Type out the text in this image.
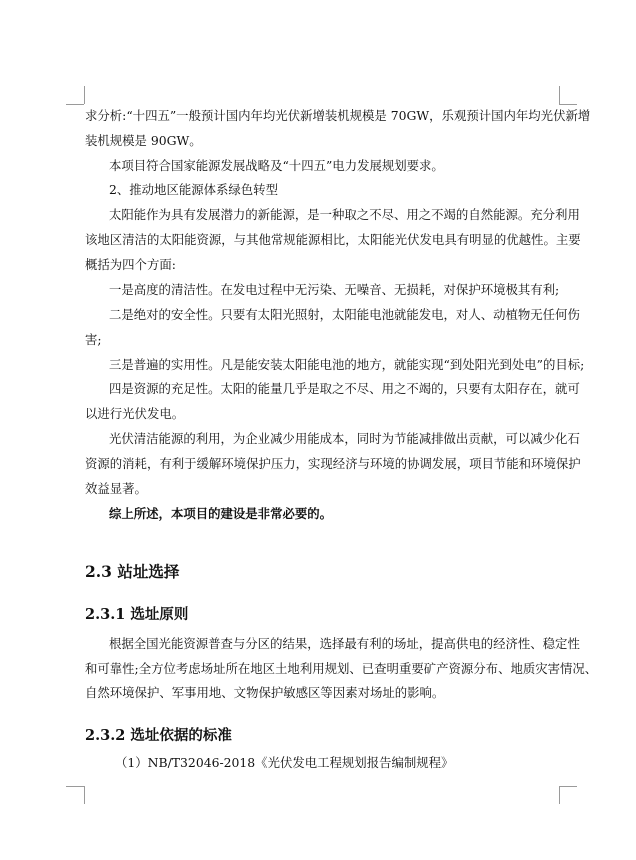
求分析:“十四五”一般预计国内年均光伏新增装机规模是 70GW，乐观预计国内年均光伏新增

装机规模是 90GW。

本项目符合国家能源发展战略及“十四五”电力发展规划要求。

2、推动地区能源体系绿色转型

太阳能作为具有发展潜力的新能源，是一种取之不尽、用之不竭的自然能源。充分利用

该地区清洁的太阳能资源，与其他常规能源相比，太阳能光伏发电具有明显的优越性。主要

概括为四个方面:

一是高度的清洁性。在发电过程中无污染、无噪音、无损耗，对保护环境极其有利;

二是绝对的安全性。只要有太阳光照射，太阳能电池就能发电，对人、动植物无任何伤

害;

三是普遍的实用性。凡是能安装太阳能电池的地方，就能实现“到处阳光到处电”的目标;

四是资源的充足性。太阳的能量几乎是取之不尽、用之不竭的，只要有太阳存在，就可

以进行光伏发电。

光伏清洁能源的利用，为企业减少用能成本，同时为节能减排做出贡献，可以减少化石

资源的消耗，有利于缓解环境保护压力，实现经济与环境的协调发展，项目节能和环境保护

效益显著。

综上所述，本项目的建设是非常必要的。

2.3 站址选择
2.3.1 选址原则

根据全国光能资源普查与分区的结果，选择最有利的场址，提高供电的经济性、稳定性

和可靠性;全方位考虑场址所在地区土地利用规划、已查明重要矿产资源分布、地质灾害情况、

自然环境保护、军事用地、文物保护敏感区等因素对场址的影响。

2.3.2 选址依据的标准

（1）NB/T32046-2018《光伏发电工程规划报告编制规程》
